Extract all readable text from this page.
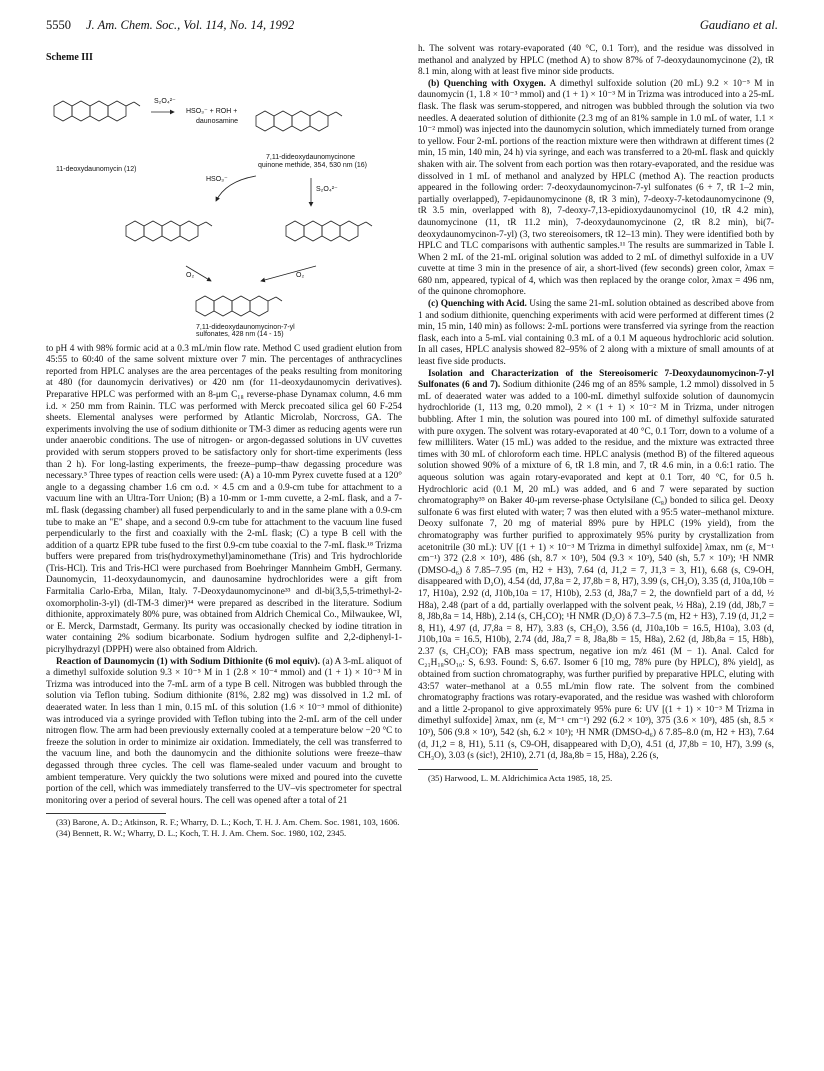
5550 J. Am. Chem. Soc., Vol. 114, No. 14, 1992	Gaudiano et al.
Scheme III
S₂O₄²⁻
HSO₃⁻ + ROH +
daunosamine
11-deoxydaunomycin (12)
7,11-dideoxydaunomycinone
quinone methide, 354, 530 nm (16)
HSO₃⁻
S₂O₄²⁻
O₂	O₂
7,11-dideoxydaunomycinon-7-yl
sulfonates, 428 nm (14 - 15)

to pH 4 with 98% formic acid at a 0.3 mL/min flow rate. Method C used gradient elution from 45:55 to 60:40 of the same solvent mixture over 7 min. The percentages of anthracyclines reported from HPLC analyses are the area percentages of the peaks resulting from monitoring at 480 (for daunomycin derivatives) or 420 nm (for 11-deoxydaunomycin derivatives). Preparative HPLC was performed with an 8-μm C₁₈ reverse-phase Dynamax column, 4.6 mm i.d. × 250 mm from Rainin. TLC was performed with Merck precoated silica gel 60 F-254 sheets. Elemental analyses were performed by Atlantic Microlab, Norcross, GA. The experiments involving the use of sodium dithionite or TM-3 dimer as reducing agents were run under anaerobic conditions. The use of nitrogen- or argon-degassed solutions in UV cuvettes provided with serum stoppers proved to be satisfactory only for short-time experiments (less than 2 h). For long-lasting experiments, the freeze–pump–thaw degassing procedure was necessary.⁵ Three types of reaction cells were used: (A) a 10-mm Pyrex cuvette fused at a 120° angle to a degassing chamber 1.6 cm o.d. × 4.5 cm and a 0.9-cm tube for attachment to a vacuum line with an Ultra-Torr Union; (B) a 10-mm or 1-mm cuvette, a 2-mL flask, and a 7-mL flask (degassing chamber) all fused perpendicularly to and in the same plane with a 0.9-cm tube to make an "E" shape, and a second 0.9-cm tube for attachment to the vacuum line fused perpendicularly to the first and coaxially with the 2-mL flask; (C) a type B cell with the addition of a quartz EPR tube fused to the first 0.9-cm tube coaxial to the 7-mL flask.¹⁸ Trizma buffers were prepared from tris(hydroxymethyl)aminomethane (Tris) and Tris hydrochloride (Tris-HCl). Tris and Tris-HCl were purchased from Boehringer Mannheim GmbH, Germany. Daunomycin, 11-deoxydaunomycin, and daunosamine hydrochlorides were a gift from Farmitalia Carlo-Erba, Milan, Italy. 7-Deoxydaunomycinone³³ and dl-bi(3,5,5-trimethyl-2-oxomorpholin-3-yl) (dl-TM-3 dimer)³⁴ were prepared as described in the literature. Sodium dithionite, approximately 80% pure, was obtained from Aldrich Chemical Co., Milwaukee, WI, or E. Merck, Darmstadt, Germany. Its purity was occasionally checked by iodine titration in water containing 2% sodium bicarbonate. Sodium hydrogen sulfite and 2,2-diphenyl-1-picrylhydrazyl (DPPH) were also obtained from Aldrich.

Reaction of Daunomycin (1) with Sodium Dithionite (6 mol equiv). (a) A 3-mL aliquot of a dimethyl sulfoxide solution 9.3 × 10⁻⁵ M in 1 (2.8 × 10⁻⁴ mmol) and (1 + 1) × 10⁻³ M in Trizma was introduced into the 7-mL arm of a type B cell. Nitrogen was bubbled through the solution via Teflon tubing. Sodium dithionite (81%, 2.82 mg) was dissolved in 1.2 mL of deaerated water. In less than 1 min, 0.15 mL of this solution (1.6 × 10⁻³ mmol of dithionite) was introduced via a syringe provided with Teflon tubing into the 2-mL arm of the cell under nitrogen flow. The arm had been previously externally cooled at a temperature below −20 °C to freeze the solution in order to minimize air oxidation. Immediately, the cell was transferred to the vacuum line, and both the daunomycin and the dithionite solutions were freeze–thaw degassed through three cycles. The cell was flame-sealed under vacuum and brought to ambient temperature. Very quickly the two solutions were mixed and poured into the cuvette portion of the cell, which was immediately transferred to the UV–vis spectrometer for spectral monitoring over a period of several hours. The cell was opened after a total of 21

(33) Barone, A. D.; Atkinson, R. F.; Wharry, D. L.; Koch, T. H. J. Am. Chem. Soc. 1981, 103, 1606.

(34) Bennett, R. W.; Wharry, D. L.; Koch, T. H. J. Am. Chem. Soc. 1980, 102, 2345.

h. The solvent was rotary-evaporated (40 °C, 0.1 Torr), and the residue was dissolved in methanol and analyzed by HPLC (method A) to show 87% of 7-deoxydaunomycinone (2), tR 8.1 min, along with at least five minor side products.

(b) Quenching with Oxygen. A dimethyl sulfoxide solution (20 mL) 9.2 × 10⁻⁵ M in daunomycin (1, 1.8 × 10⁻³ mmol) and (1 + 1) × 10⁻³ M in Trizma was introduced into a 25-mL flask. The flask was serum-stoppered, and nitrogen was bubbled through the solution via two needles. A deaerated solution of dithionite (2.3 mg of an 81% sample in 1.0 mL of water, 1.1 × 10⁻² mmol) was injected into the daunomycin solution, which immediately turned from orange to yellow. Four 2-mL portions of the reaction mixture were then withdrawn at different times (2 min, 15 min, 140 min, 24 h) via syringe, and each was transferred to a 20-mL flask and quickly shaken with air. The solvent from each portion was then rotary-evaporated, and the residue was dissolved in 1 mL of methanol and analyzed by HPLC (method A). The reaction products appeared in the following order: 7-deoxydaunomycinon-7-yl sulfonates (6 + 7, tR 1–2 min, partially overlapped), 7-epidaunomycinone (8, tR 3 min), 7-deoxy-7-ketodaunomycinone (9, tR 3.5 min, overlapped with 8), 7-deoxy-7,13-epidioxydaunomycinol (10, tR 4.2 min), daunomycinone (11, tR 11.2 min), 7-deoxydaunomycinone (2, tR 8.2 min), bi(7-deoxydaunomycinon-7-yl) (3, two stereoisomers, tR 12–13 min). They were identified both by HPLC and TLC comparisons with authentic samples.¹¹ The results are summarized in Table I. When 2 mL of the 21-mL original solution was added to 2 mL of dimethyl sulfoxide in a UV cuvette at time 3 min in the presence of air, a short-lived (few seconds) green color, λmax = 680 nm, appeared, typical of 4, which was then replaced by the orange color, λmax = 496 nm, of the quinone chromophore.

(c) Quenching with Acid. Using the same 21-mL solution obtained as described above from 1 and sodium dithionite, quenching experiments with acid were performed at different times (2 min, 15 min, 140 min) as follows: 2-mL portions were transferred via syringe from the reaction flask, each into a 5-mL vial containing 0.3 mL of a 0.1 M aqueous hydrochloric acid solution. In all cases, HPLC analysis showed 82–95% of 2 along with a mixture of small amounts of at least five side products.

Isolation and Characterization of the Stereoisomeric 7-Deoxydaunomycinon-7-yl Sulfonates (6 and 7). Sodium dithionite (246 mg of an 85% sample, 1.2 mmol) dissolved in 5 mL of deaerated water was added to a 100-mL dimethyl sulfoxide solution of daunomycin hydrochloride (1, 113 mg, 0.20 mmol), 2 × (1 + 1) × 10⁻² M in Trizma, under nitrogen bubbling. After 1 min, the solution was poured into 100 mL of dimethyl sulfoxide saturated with pure oxygen. The solvent was rotary-evaporated at 40 °C, 0.1 Torr, down to a volume of a few milliliters. Water (15 mL) was added to the residue, and the mixture was extracted three times with 30 mL of chloroform each time. HPLC analysis (method B) of the filtered aqueous solution showed 90% of a mixture of 6, tR 1.8 min, and 7, tR 4.6 min, in a 0.6:1 ratio. The aqueous solution was again rotary-evaporated and kept at 0.1 Torr, 40 °C, for 0.5 h. Hydrochloric acid (0.1 M, 20 mL) was added, and 6 and 7 were separated by suction chromatography³⁵ on Baker 40-μm reverse-phase Octylsilane (C₈) bonded to silica gel. Deoxy sulfonate 6 was first eluted with water; 7 was then eluted with a 95:5 water–methanol mixture. Deoxy sulfonate 7, 20 mg of material 89% pure by HPLC (19% yield), from the chromatography was further purified to approximately 95% purity by crystallization from acetonitrile (30 mL): UV [(1 + 1) × 10⁻³ M Trizma in dimethyl sulfoxide] λmax, nm (ε, M⁻¹ cm⁻¹) 372 (2.8 × 10³), 486 (sh, 8.7 × 10³), 504 (9.3 × 10³), 540 (sh, 5.7 × 10³); ¹H NMR (DMSO-d₆) δ 7.85–7.95 (m, H2 + H3), 7.64 (d, J1,2 = 7, J1,3 = 3, H1), 6.68 (s, C9-OH, disappeared with D₂O), 4.54 (dd, J7,8a = 2, J7,8b = 8, H7), 3.99 (s, CH₃O), 3.35 (d, J10a,10b = 17, H10a), 2.92 (d, J10b,10a = 17, H10b), 2.53 (d, J8a,7 = 2, the downfield part of a dd, ½ H8a), 2.48 (part of a dd, partially overlapped with the solvent peak, ½ H8a), 2.19 (dd, J8b,7 = 8, J8b,8a = 14, H8b), 2.14 (s, CH₃CO); ¹H NMR (D₂O) δ 7.3–7.5 (m, H2 + H3), 7.19 (d, J1,2 = 8, H1), 4.97 (d, J7,8a = 8, H7), 3.83 (s, CH₃O), 3.56 (d, J10a,10b = 16.5, H10a), 3.03 (d, J10b,10a = 16.5, H10b), 2.74 (dd, J8a,7 = 8, J8a,8b = 15, H8a), 2.62 (d, J8b,8a = 15, H8b), 2.37 (s, CH₃CO); FAB mass spectrum, negative ion m/z 461 (M − 1). Anal. Calcd for C₂₁H₁₈SO₁₀: S, 6.93. Found: S, 6.67. Isomer 6 [10 mg, 78% pure (by HPLC), 8% yield], as obtained from suction chromatography, was further purified by preparative HPLC, eluting with 43:57 water–methanol at a 0.55 mL/min flow rate. The solvent from the combined chromatography fractions was rotary-evaporated, and the residue was washed with chloroform and a little 2-propanol to give approximately 95% pure 6: UV [(1 + 1) × 10⁻³ M Trizma in dimethyl sulfoxide] λmax, nm (ε, M⁻¹ cm⁻¹) 292 (6.2 × 10³), 375 (3.6 × 10³), 485 (sh, 8.5 × 10³), 506 (9.8 × 10³), 542 (sh, 6.2 × 10³); ¹H NMR (DMSO-d₆) δ 7.85–8.0 (m, H2 + H3), 7.64 (d, J1,2 = 8, H1), 5.11 (s, C9-OH, disappeared with D₂O), 4.51 (d, J7,8b = 10, H7), 3.99 (s, CH₃O), 3.03 (s (sic!), 2H10), 2.71 (d, J8a,8b = 15, H8a), 2.26 (s,

(35) Harwood, L. M. Aldrichimica Acta 1985, 18, 25.
